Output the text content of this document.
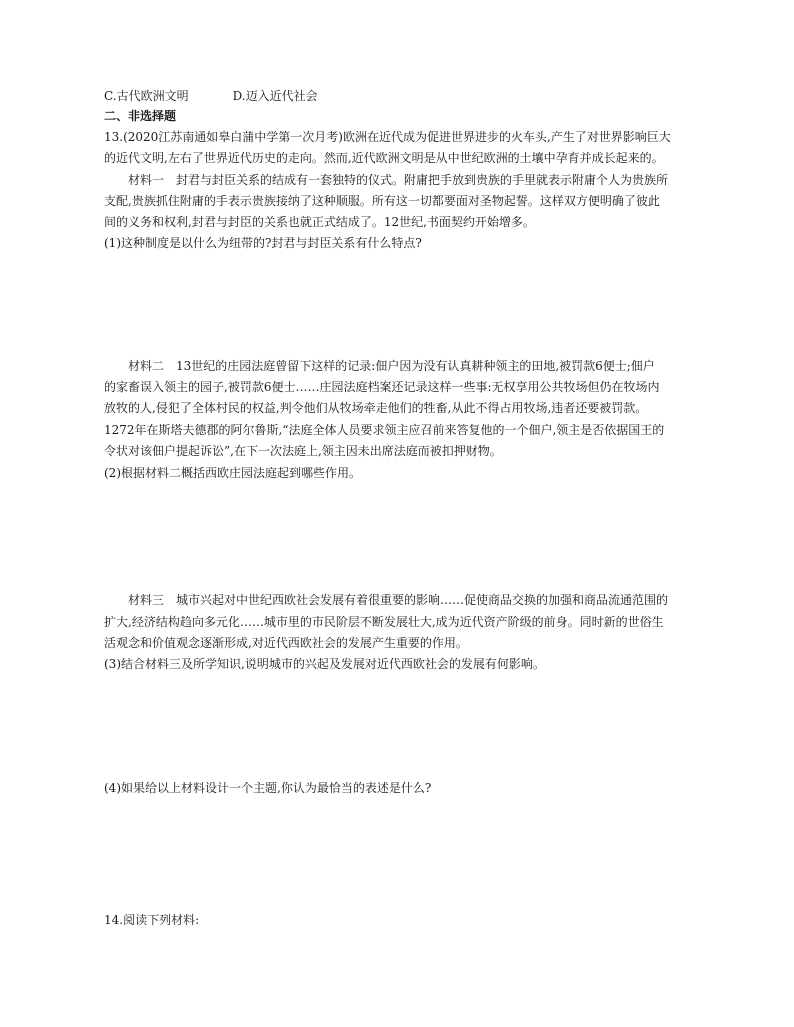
C.古代欧洲文明	D.迈入近代社会
二、非选择题
13.(2020江苏南通如皋白蒲中学第一次月考)欧洲在近代成为促进世界进步的火车头,产生了对世界影响巨大
的近代文明,左右了世界近代历史的走向。然而,近代欧洲文明是从中世纪欧洲的土壤中孕育并成长起来的。
材料一　封君与封臣关系的结成有一套独特的仪式。附庸把手放到贵族的手里就表示附庸个人为贵族所
支配,贵族抓住附庸的手表示贵族接纳了这种顺服。所有这一切都要面对圣物起誓。这样双方便明确了彼此
间的义务和权利,封君与封臣的关系也就正式结成了。12世纪,书面契约开始增多。
(1)这种制度是以什么为纽带的?封君与封臣关系有什么特点?
材料二　13世纪的庄园法庭曾留下这样的记录:佃户因为没有认真耕种领主的田地,被罚款6便士;佃户
的家畜误入领主的园子,被罚款6便士……庄园法庭档案还记录这样一些事:无权享用公共牧场但仍在牧场内
放牧的人,侵犯了全体村民的权益,判令他们从牧场牵走他们的牲畜,从此不得占用牧场,违者还要被罚款。
1272年在斯塔夫德郡的阿尔鲁斯,“法庭全体人员要求领主应召前来答复他的一个佃户,领主是否依据国王的
令状对该佃户提起诉讼”,在下一次法庭上,领主因未出席法庭而被扣押财物。
(2)根据材料二概括西欧庄园法庭起到哪些作用。
材料三　城市兴起对中世纪西欧社会发展有着很重要的影响……促使商品交换的加强和商品流通范围的
扩大,经济结构趋向多元化……城市里的市民阶层不断发展壮大,成为近代资产阶级的前身。同时新的世俗生
活观念和价值观念逐渐形成,对近代西欧社会的发展产生重要的作用。
(3)结合材料三及所学知识,说明城市的兴起及发展对近代西欧社会的发展有何影响。
(4)如果给以上材料设计一个主题,你认为最恰当的表述是什么?
14.阅读下列材料:
